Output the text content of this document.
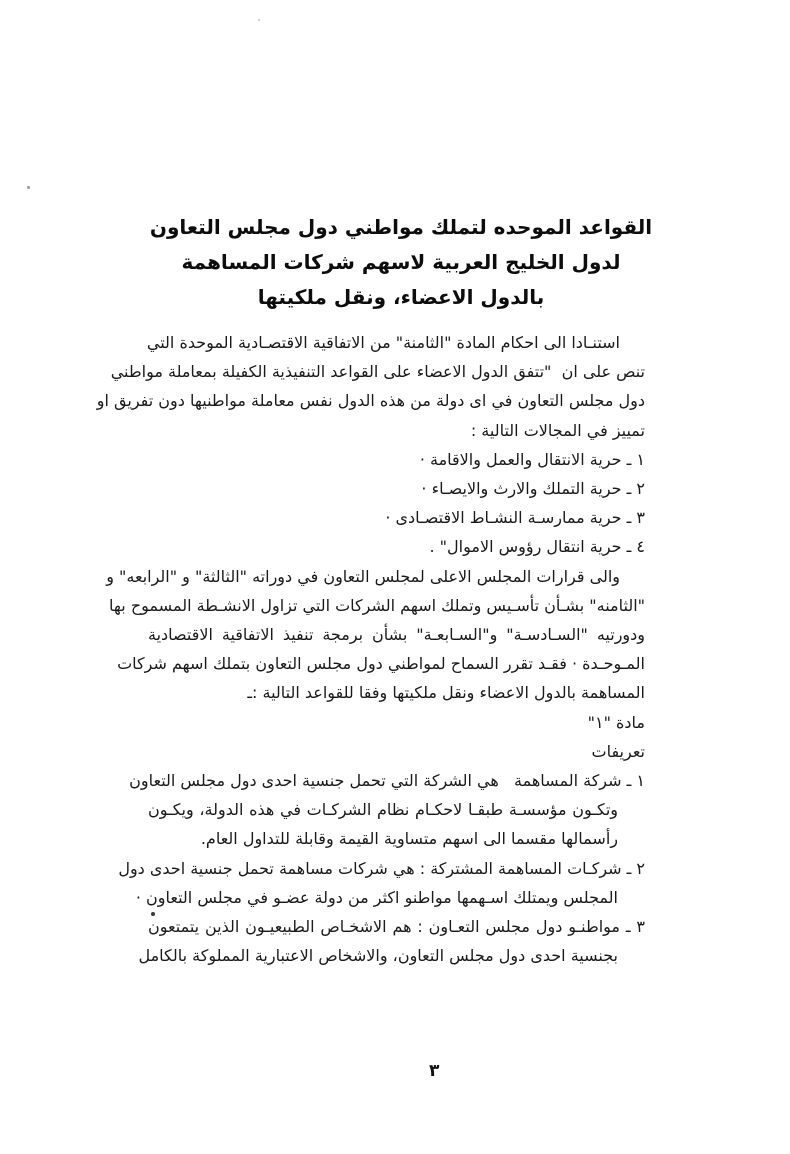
القواعد الموحده لتملك مواطني دول مجلس التعاون
لدول الخليج العربية لاسهم شركات المساهمة
بالدول الاعضاء، ونقل ملكيتها
استنـادا الى احكام المادة "الثامنة" من الاتفاقية الاقتصـادية الموحدة التي
تنص على ان  "تتفق الدول الاعضاء على القواعد التنفيذية الكفيلة بمعاملة مواطني
دول مجلس التعاون في اى دولة من هذه الدول نفس معاملة مواطنيها دون تفريق او
تمييز في المجالات التالية :
١ ـ حرية الانتقال والعمل والاقامة ·
٢ ـ حرية التملك والارث والايصـاء ·
٣ ـ حرية ممارسـة النشـاط الاقتصـادى ·
٤ ـ حرية انتقال رؤوس الاموال" .
والى قرارات المجلس الاعلى لمجلس التعاون في دوراته "الثالثة" و "الرابعه" و
"الثامنه" بشـأن تأسـيس وتملك اسهم الشركات التي تزاول الانشـطة المسموح بها
ودورتيه "السـادسـة" و"السـابعـة" بشأن برمجة تنفيذ الاتفاقية الاقتصادية
المـوحـدة · فقـد تقرر السماح لمواطني دول مجلس التعاون بتملك اسهم شركات
المساهمة بالدول الاعضاء ونقل ملكيتها وفقا للقواعد التالية :ـ
مادة "١"
تعريفات
١ ـ شركة المساهمة   هي الشركة التي تحمل جنسية احدى دول مجلس التعاون
وتكـون مؤسسـة طبقـا لاحكـام نظام الشركـات في هذه الدولة، ويكـون
رأسمالها مقسما الى اسهم متساوية القيمة وقابلة للتداول العام.
٢ ـ شركـات المساهمة المشتركة : هي شركات مساهمة تحمل جنسية احدى دول
المجلس ويمتلك اسـهمها مواطنو اكثر من دولة عضـو في مجلس التعاون ·
٣ ـ مواطنـو دول مجلس التعـاون : هم الاشخـاص الطبيعيـون الذين يتمتعون
بجنسية احدى دول مجلس التعاون، والاشخاص الاعتبارية المملوكة بالكامل
٣
